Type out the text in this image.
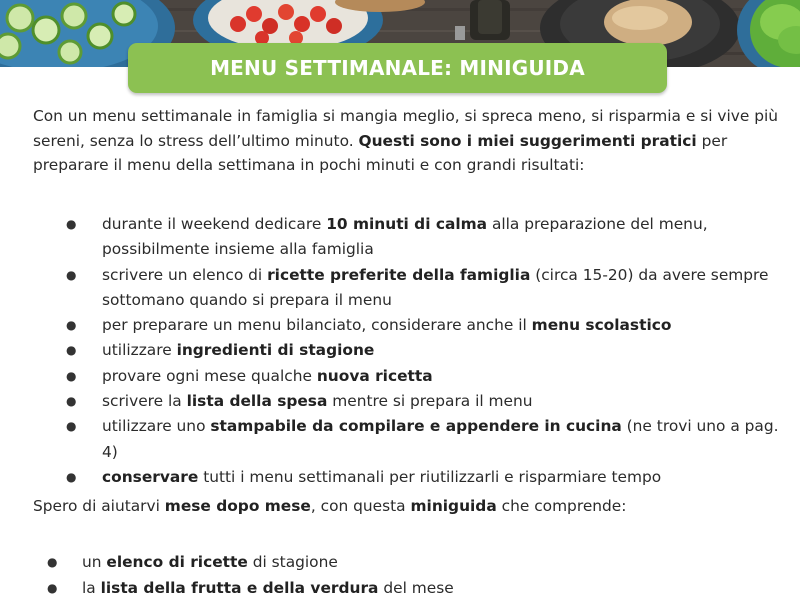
MENU SETTIMANALE: MINIGUIDA

Con un menu settimanale in famiglia si mangia meglio, si spreca meno, si risparmia e si vive più sereni, senza lo stress dell’ultimo minuto. Questi sono i miei suggerimenti pratici per preparare il menu della settimana in pochi minuti e con grandi risultati:

● durante il weekend dedicare 10 minuti di calma alla preparazione del menu, possibilmente insieme alla famiglia
● scrivere un elenco di ricette preferite della famiglia (circa 15-20) da avere sempre sottomano quando si prepara il menu
● per preparare un menu bilanciato, considerare anche il menu scolastico
● utilizzare ingredienti di stagione
● provare ogni mese qualche nuova ricetta
● scrivere la lista della spesa mentre si prepara il menu
● utilizzare uno stampabile da compilare e appendere in cucina (ne trovi uno a pag. 4)
● conservare tutti i menu settimanali per riutilizzarli e risparmiare tempo

Spero di aiutarvi mese dopo mese, con questa miniguida che comprende:

● un elenco di ricette di stagione
● la lista della frutta e della verdura del mese
